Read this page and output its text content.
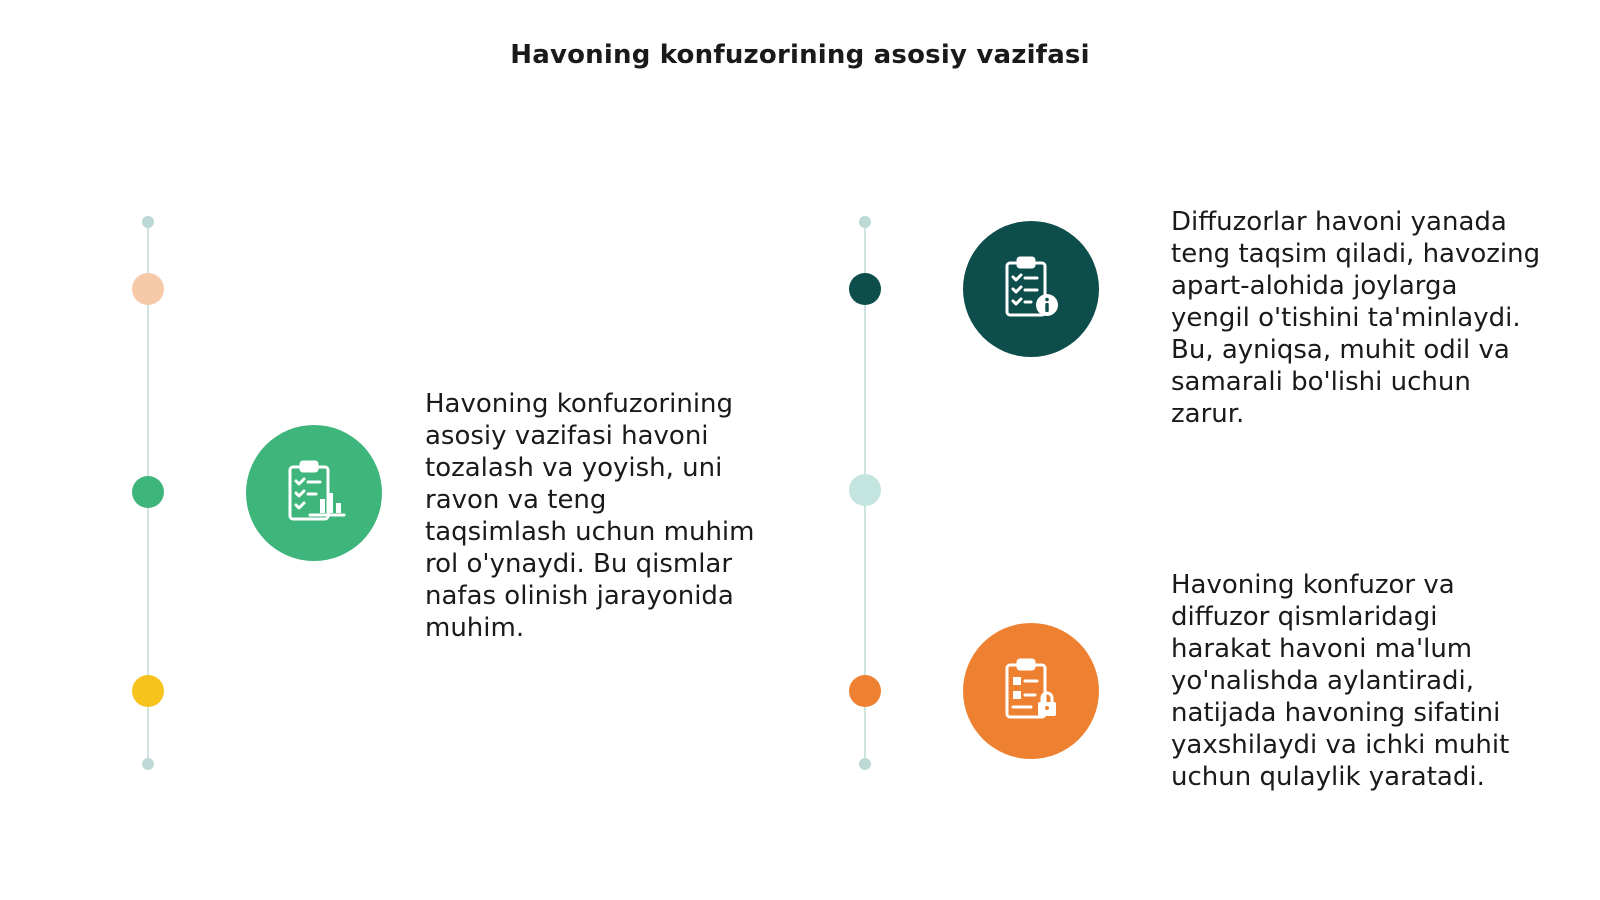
Havoning konfuzorining asosiy vazifasi
Havoning konfuzorining asosiy vazifasi havoni tozalash va yoyish, uni ravon va teng taqsimlash uchun muhim rol o'ynaydi. Bu qismlar nafas olinish jarayonida muhim.
Diffuzorlar havoni yanada teng taqsim qiladi, havozing apart-alohida joylarga yengil o'tishini ta'minlaydi. Bu, ayniqsa, muhit odil va samarali bo'lishi uchun zarur.
Havoning konfuzor va diffuzor qismlaridagi harakat havoni ma'lum yo'nalishda aylantiradi, natijada havoning sifatini yaxshilaydi va ichki muhit uchun qulaylik yaratadi.
